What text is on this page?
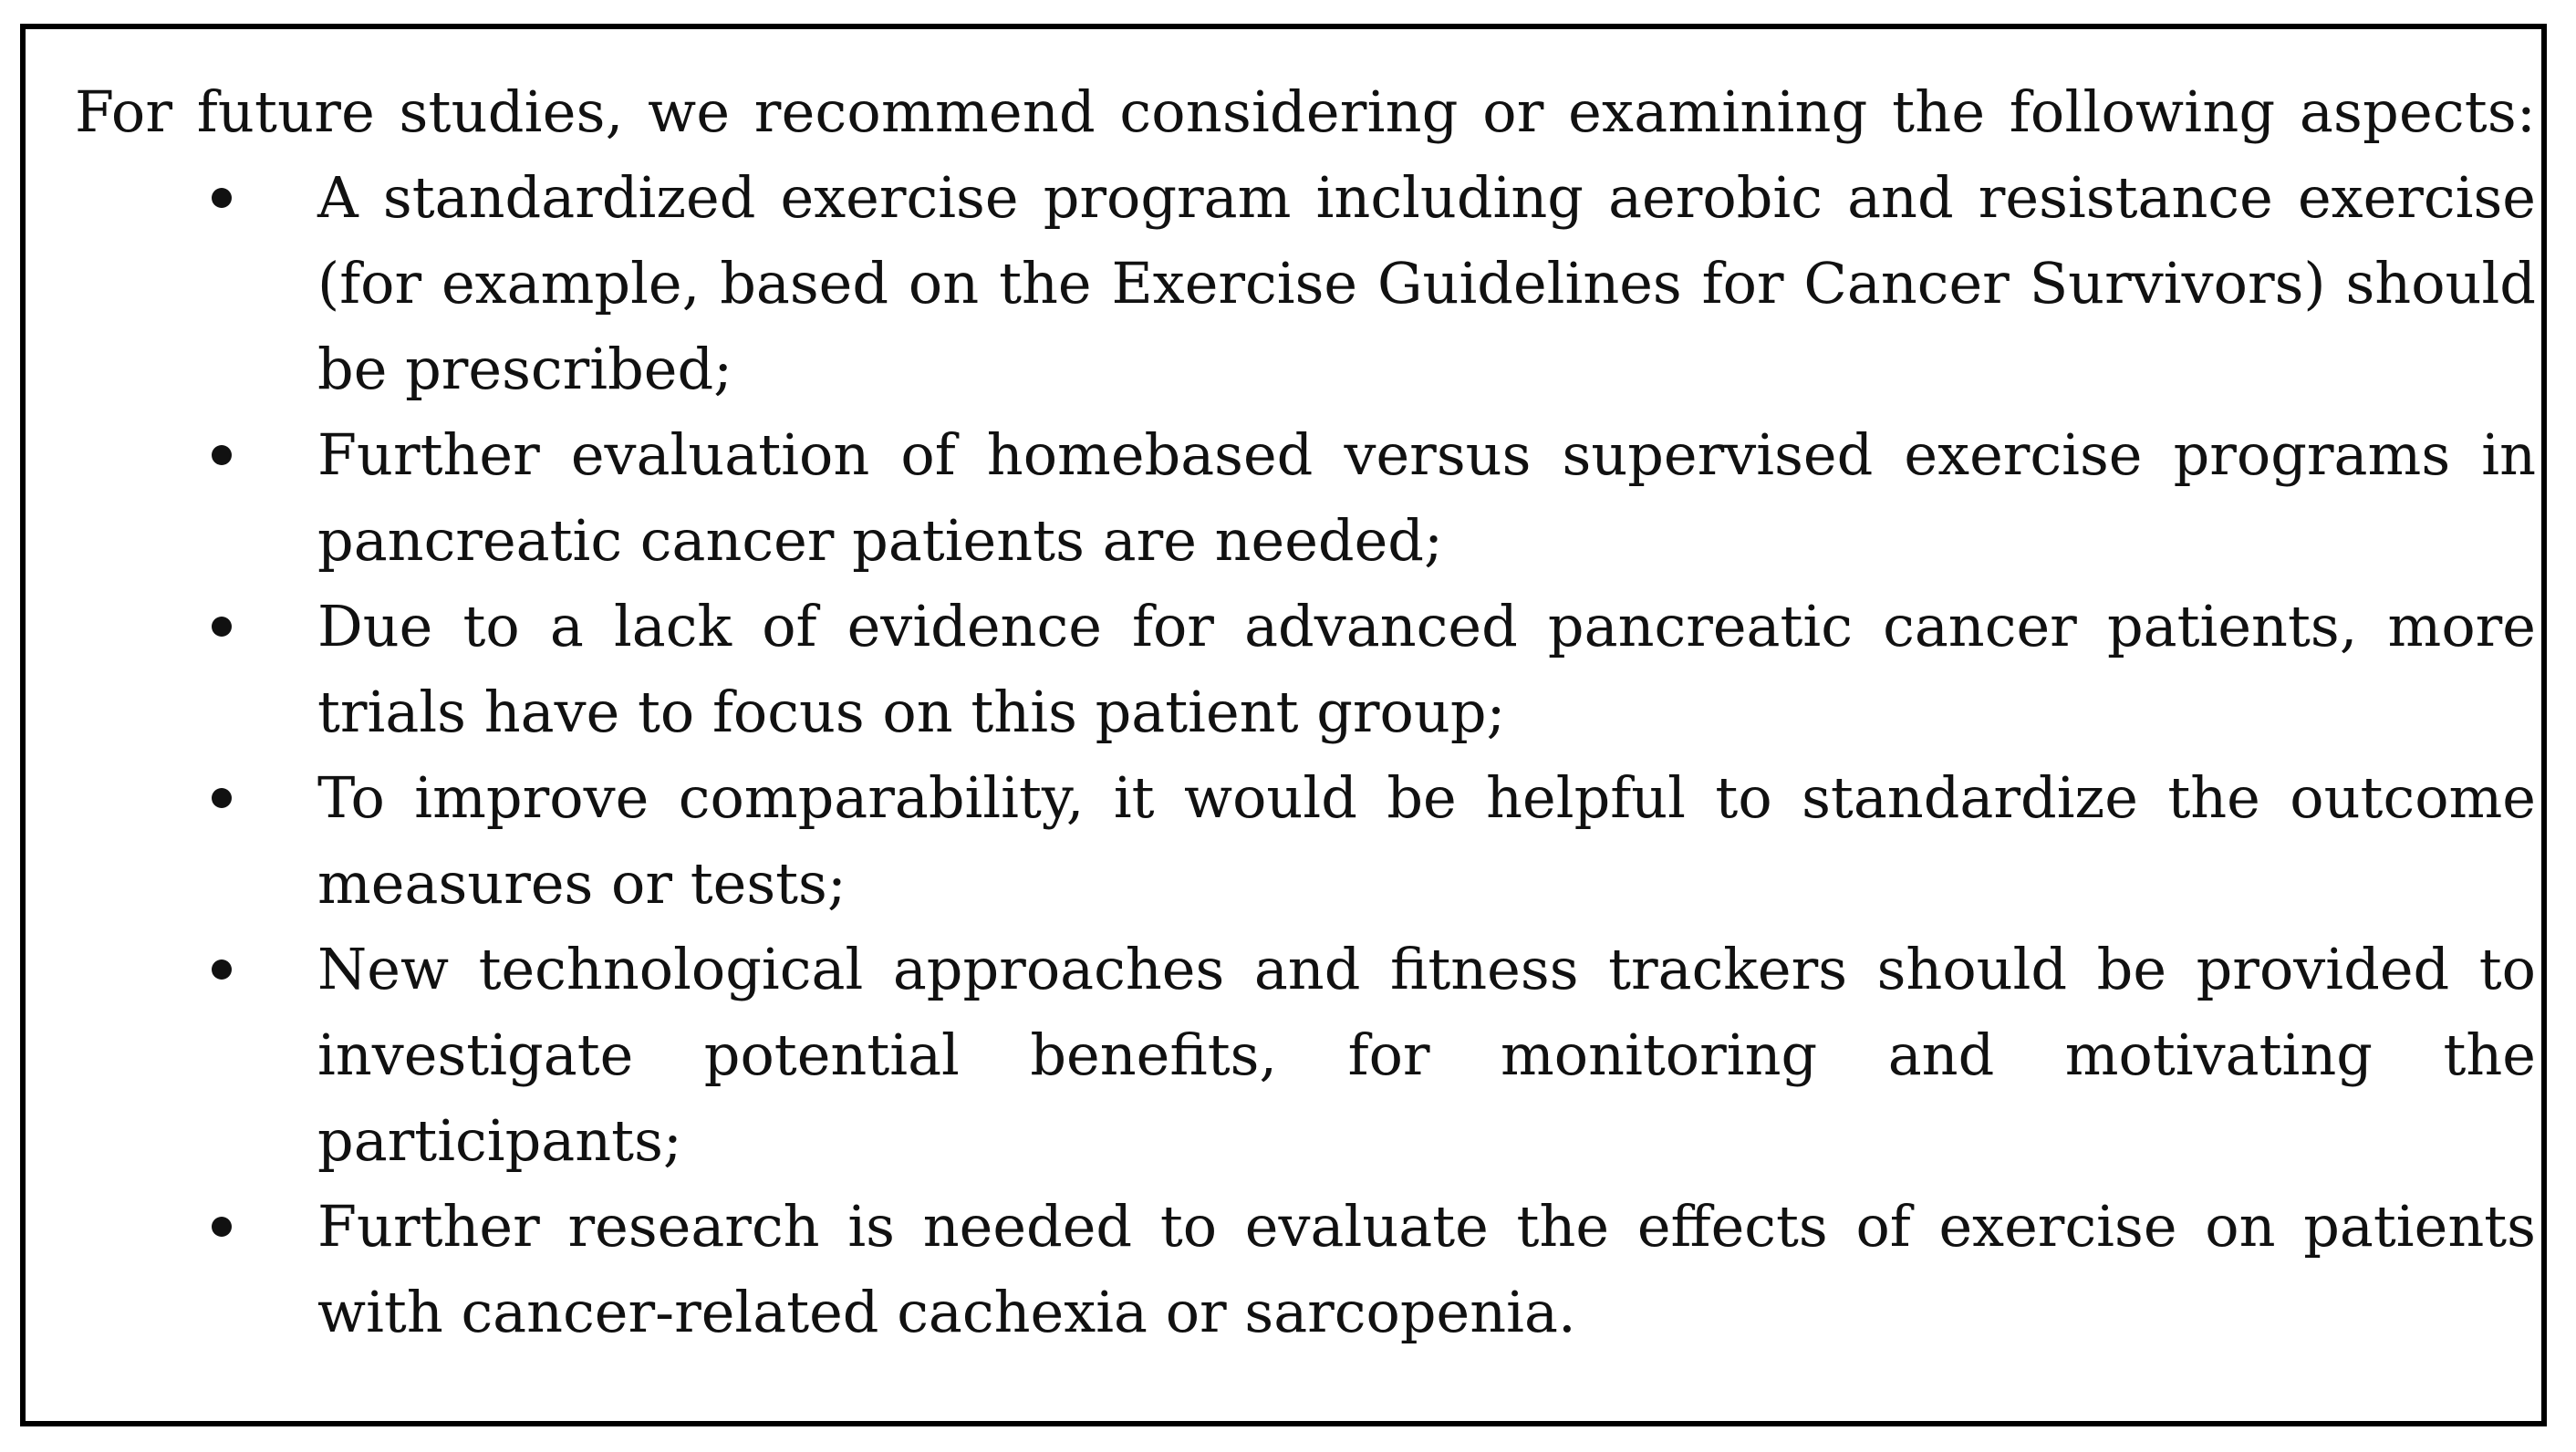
For future studies, we recommend considering or examining the following aspects:

A standardized exercise program including aerobic and resistance exercise (for example, based on the Exercise Guidelines for Cancer Survivors) should be prescribed;
Further evaluation of homebased versus supervised exercise programs in pancreatic cancer patients are needed;
Due to a lack of evidence for advanced pancreatic cancer patients, more trials have to focus on this patient group;
To improve comparability, it would be helpful to standardize the outcome measures or tests;
New technological approaches and fitness trackers should be provided to investigate potential benefits, for monitoring and motivating the participants;
Further research is needed to evaluate the effects of exercise on patients with cancer-related cachexia or sarcopenia.
